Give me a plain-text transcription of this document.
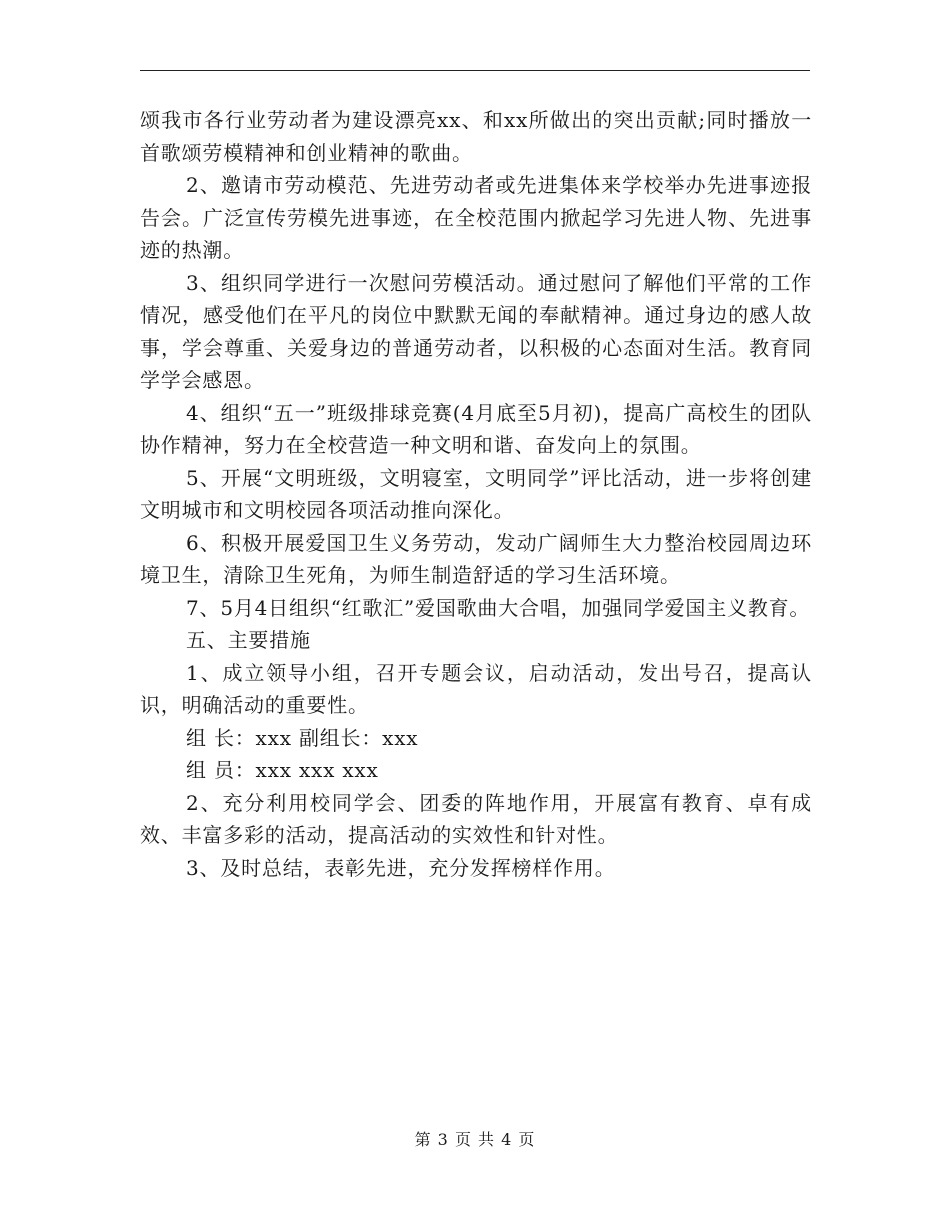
颂我市各行业劳动者为建设漂亮xx、和xx所做出的突出贡献;同时播放一首歌颂劳模精神和创业精神的歌曲。

2、邀请市劳动模范、先进劳动者或先进集体来学校举办先进事迹报告会。广泛宣传劳模先进事迹，在全校范围内掀起学习先进人物、先进事迹的热潮。

3、组织同学进行一次慰问劳模活动。通过慰问了解他们平常的工作情况，感受他们在平凡的岗位中默默无闻的奉献精神。通过身边的感人故事，学会尊重、关爱身边的普通劳动者，以积极的心态面对生活。教育同学学会感恩。

4、组织“五一”班级排球竞赛(4月底至5月初)，提高广高校生的团队协作精神，努力在全校营造一种文明和谐、奋发向上的氛围。

5、开展“文明班级，文明寝室，文明同学”评比活动，进一步将创建文明城市和文明校园各项活动推向深化。

6、积极开展爱国卫生义务劳动，发动广阔师生大力整治校园周边环境卫生，清除卫生死角，为师生制造舒适的学习生活环境。

7、5月4日组织“红歌汇”爱国歌曲大合唱，加强同学爱国主义教育。

五、主要措施

1、成立领导小组，召开专题会议，启动活动，发出号召，提高认识，明确活动的重要性。

组 长：xxx 副组长：xxx

组 员：xxx xxx xxx

2、充分利用校同学会、团委的阵地作用，开展富有教育、卓有成效、丰富多彩的活动，提高活动的实效性和针对性。

3、及时总结，表彰先进，充分发挥榜样作用。

第 3 页 共 4 页
